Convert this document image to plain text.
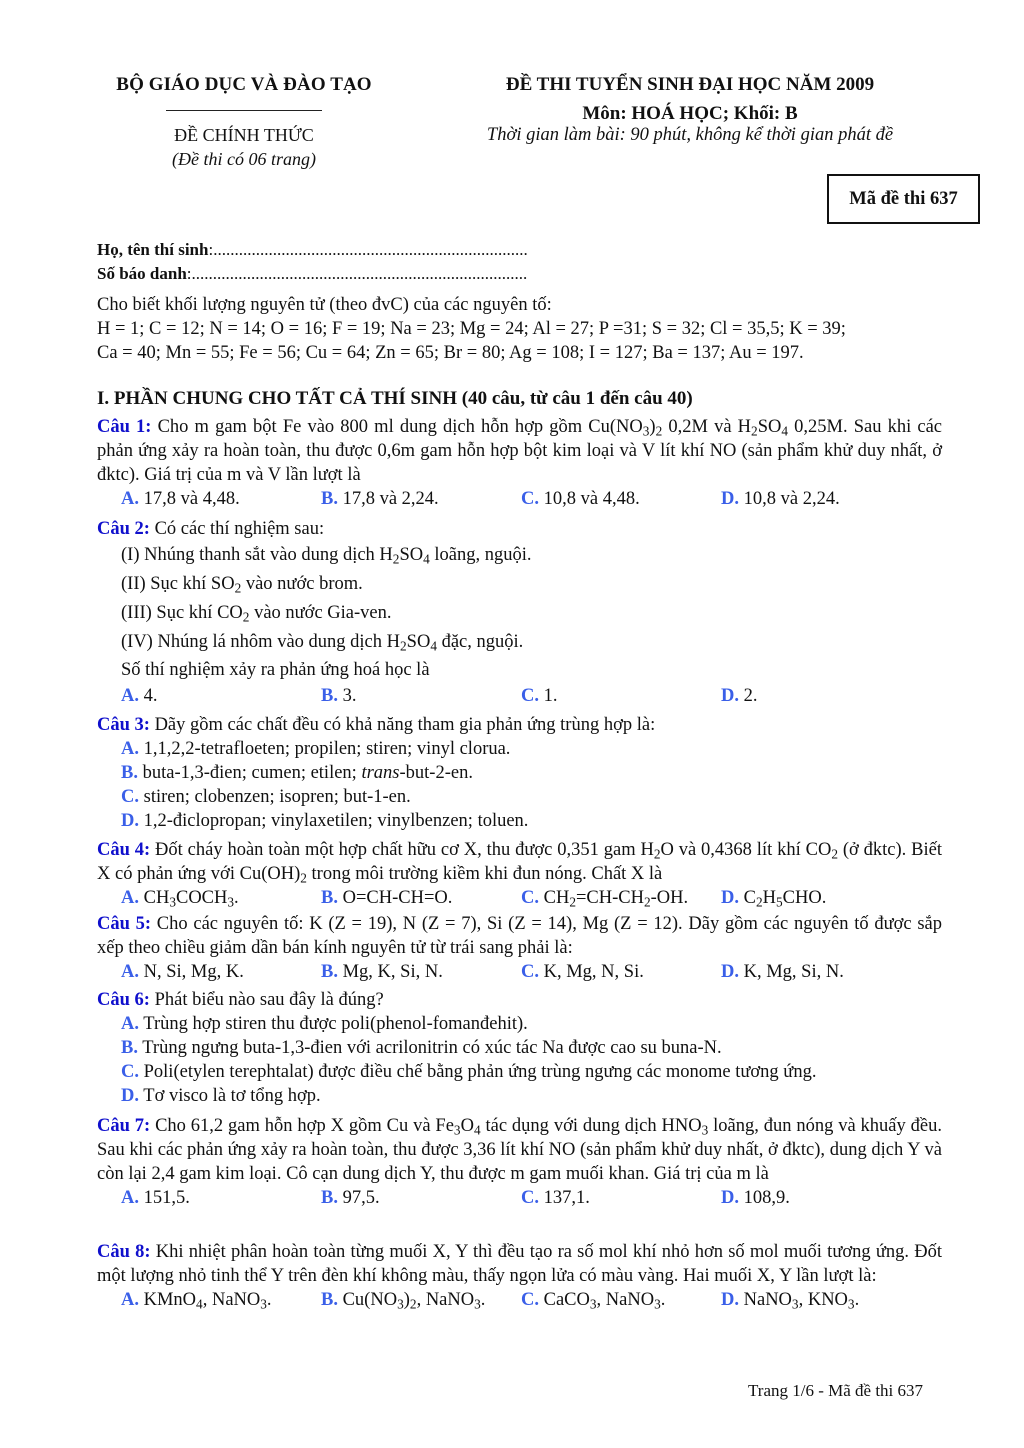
BỘ GIÁO DỤC VÀ ĐÀO TẠO
ĐỀ CHÍNH THỨC
(Đề thi có 06 trang)
ĐỀ THI TUYỂN SINH ĐẠI HỌC NĂM 2009
Môn: HOÁ HỌC; Khối: B
Thời gian làm bài: 90 phút, không kể thời gian phát đề
Mã đề thi 637
Họ, tên thí sinh:..........................................................................
Số báo danh:...............................................................................
Cho biết khối lượng nguyên tử (theo đvC) của các nguyên tố:
H = 1; C = 12; N = 14; O = 16; F = 19; Na = 23; Mg = 24; Al = 27; P =31; S = 32; Cl = 35,5; K = 39;
Ca = 40; Mn = 55; Fe = 56; Cu = 64; Zn = 65; Br = 80; Ag = 108; I = 127; Ba = 137; Au = 197.
I. PHẦN CHUNG CHO TẤT CẢ THÍ SINH (40 câu, từ câu 1 đến câu 40)
Câu 1: Cho m gam bột Fe vào 800 ml dung dịch hỗn hợp gồm $Cu(NO_3)_2$ 0,2M và $H_2SO_4$ 0,25M. Sau khi các phản ứng xảy ra hoàn toàn, thu được 0,6m gam hỗn hợp bột kim loại và V lít khí NO (sản phẩm khử duy nhất, ở đktc). Giá trị của m và V lần lượt là
A. 17,8 và 4,48.	B. 17,8 và 2,24.	C. 10,8 và 4,48.	D. 10,8 và 2,24.
Câu 2: Có các thí nghiệm sau:
(I) Nhúng thanh sắt vào dung dịch $H_2SO_4$ loãng, nguội.
(II) Sục khí $SO_2$ vào nước brom.
(III) Sục khí $CO_2$ vào nước Gia-ven.
(IV) Nhúng lá nhôm vào dung dịch $H_2SO_4$ đặc, nguội.
Số thí nghiệm xảy ra phản ứng hoá học là
A. 4.	B. 3.	C. 1.	D. 2.
Câu 3: Dãy gồm các chất đều có khả năng tham gia phản ứng trùng hợp là:
A. 1,1,2,2-tetrafloeten; propilen; stiren; vinyl clorua.
B. buta-1,3-đien; cumen; etilen; trans-but-2-en.
C. stiren; clobenzen; isopren; but-1-en.
D. 1,2-điclopropan; vinylaxetilen; vinylbenzen; toluen.
Câu 4: Đốt cháy hoàn toàn một hợp chất hữu cơ X, thu được 0,351 gam $H_2O$ và 0,4368 lít khí $CO_2$ (ở đktc). Biết X có phản ứng với $Cu(OH)_2$ trong môi trường kiềm khi đun nóng. Chất X là
A. $CH_3COCH_3$.	B. O=CH-CH=O.	C. $CH_2=CH-CH_2-OH$.	D. $C_2H_5CHO$.
Câu 5: Cho các nguyên tố: K (Z = 19), N (Z = 7), Si (Z = 14), Mg (Z = 12). Dãy gồm các nguyên tố được sắp xếp theo chiều giảm dần bán kính nguyên tử từ trái sang phải là:
A. N, Si, Mg, K.	B. Mg, K, Si, N.	C. K, Mg, N, Si.	D. K, Mg, Si, N.
Câu 6: Phát biểu nào sau đây là đúng?
A. Trùng hợp stiren thu được poli(phenol-fomanđehit).
B. Trùng ngưng buta-1,3-đien với acrilonitrin có xúc tác Na được cao su buna-N.
C. Poli(etylen terephtalat) được điều chế bằng phản ứng trùng ngưng các monome tương ứng.
D. Tơ visco là tơ tổng hợp.
Câu 7: Cho 61,2 gam hỗn hợp X gồm Cu và $Fe_3O_4$ tác dụng với dung dịch $HNO_3$ loãng, đun nóng và khuấy đều. Sau khi các phản ứng xảy ra hoàn toàn, thu được 3,36 lít khí NO (sản phẩm khử duy nhất, ở đktc), dung dịch Y và còn lại 2,4 gam kim loại. Cô cạn dung dịch Y, thu được m gam muối khan. Giá trị của m là
A. 151,5.	B. 97,5.	C. 137,1.	D. 108,9.
Câu 8: Khi nhiệt phân hoàn toàn từng muối X, Y thì đều tạo ra số mol khí nhỏ hơn số mol muối tương ứng. Đốt một lượng nhỏ tinh thể Y trên đèn khí không màu, thấy ngọn lửa có màu vàng. Hai muối X, Y lần lượt là:
A. KMnO$_4$, NaNO$_3$.	B. $Cu(NO_3)_2$, NaNO$_3$.	C. CaCO$_3$, NaNO$_3$.	D. NaNO$_3$, $KNO_3$.
Trang 1/6 - Mã đề thi 637
